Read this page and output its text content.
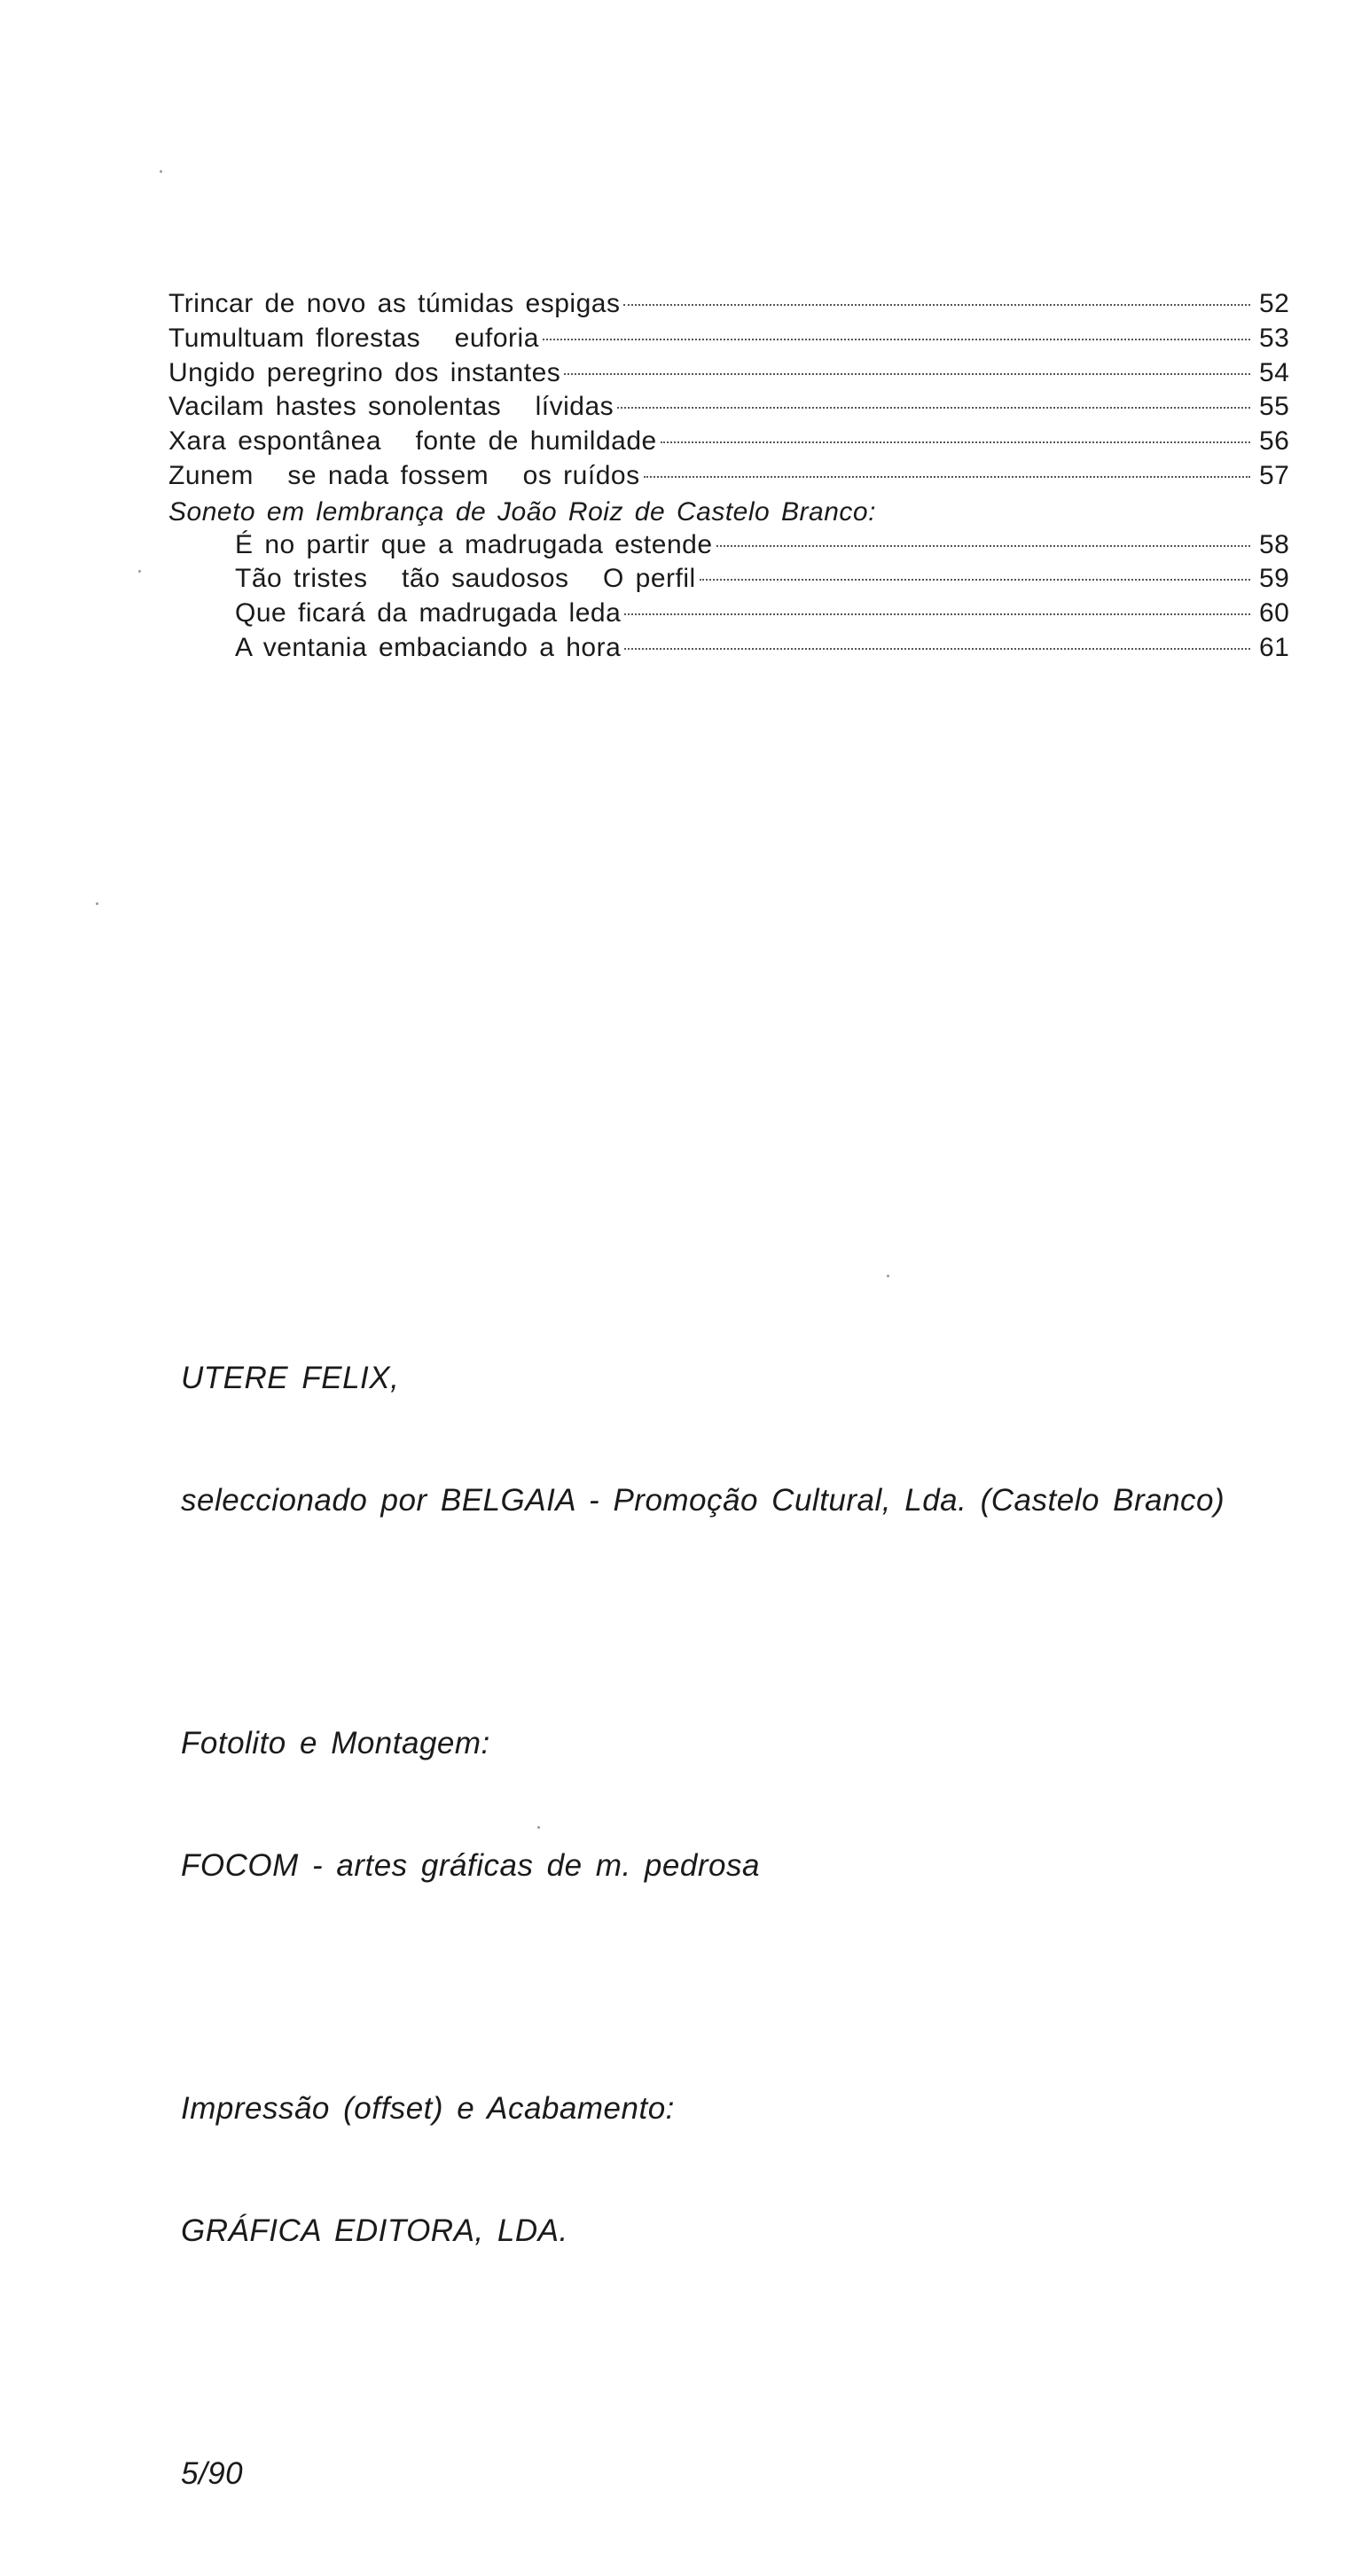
Trincar de novo as túmidas espigas	52
Tumultuam florestas   euforia	53
Ungido peregrino dos instantes	54
Vacilam hastes sonolentas   lívidas	55
Xara espontânea   fonte de humildade	56
Zunem   se nada fossem   os ruídos	57
Soneto em lembrança de João Roiz de Castelo Branco:
É no partir que a madrugada estende	58
Tão tristes   tão saudosos   O perfil	59
Que ficará da madrugada leda	60
A ventania embaciando a hora	61

UTERE FELIX,

seleccionado por BELGAIA - Promoção Cultural, Lda. (Castelo Branco)

Fotolito e Montagem:

FOCOM - artes gráficas de m. pedrosa

Impressão (offset) e Acabamento:

GRÁFICA EDITORA, LDA.

5/90
